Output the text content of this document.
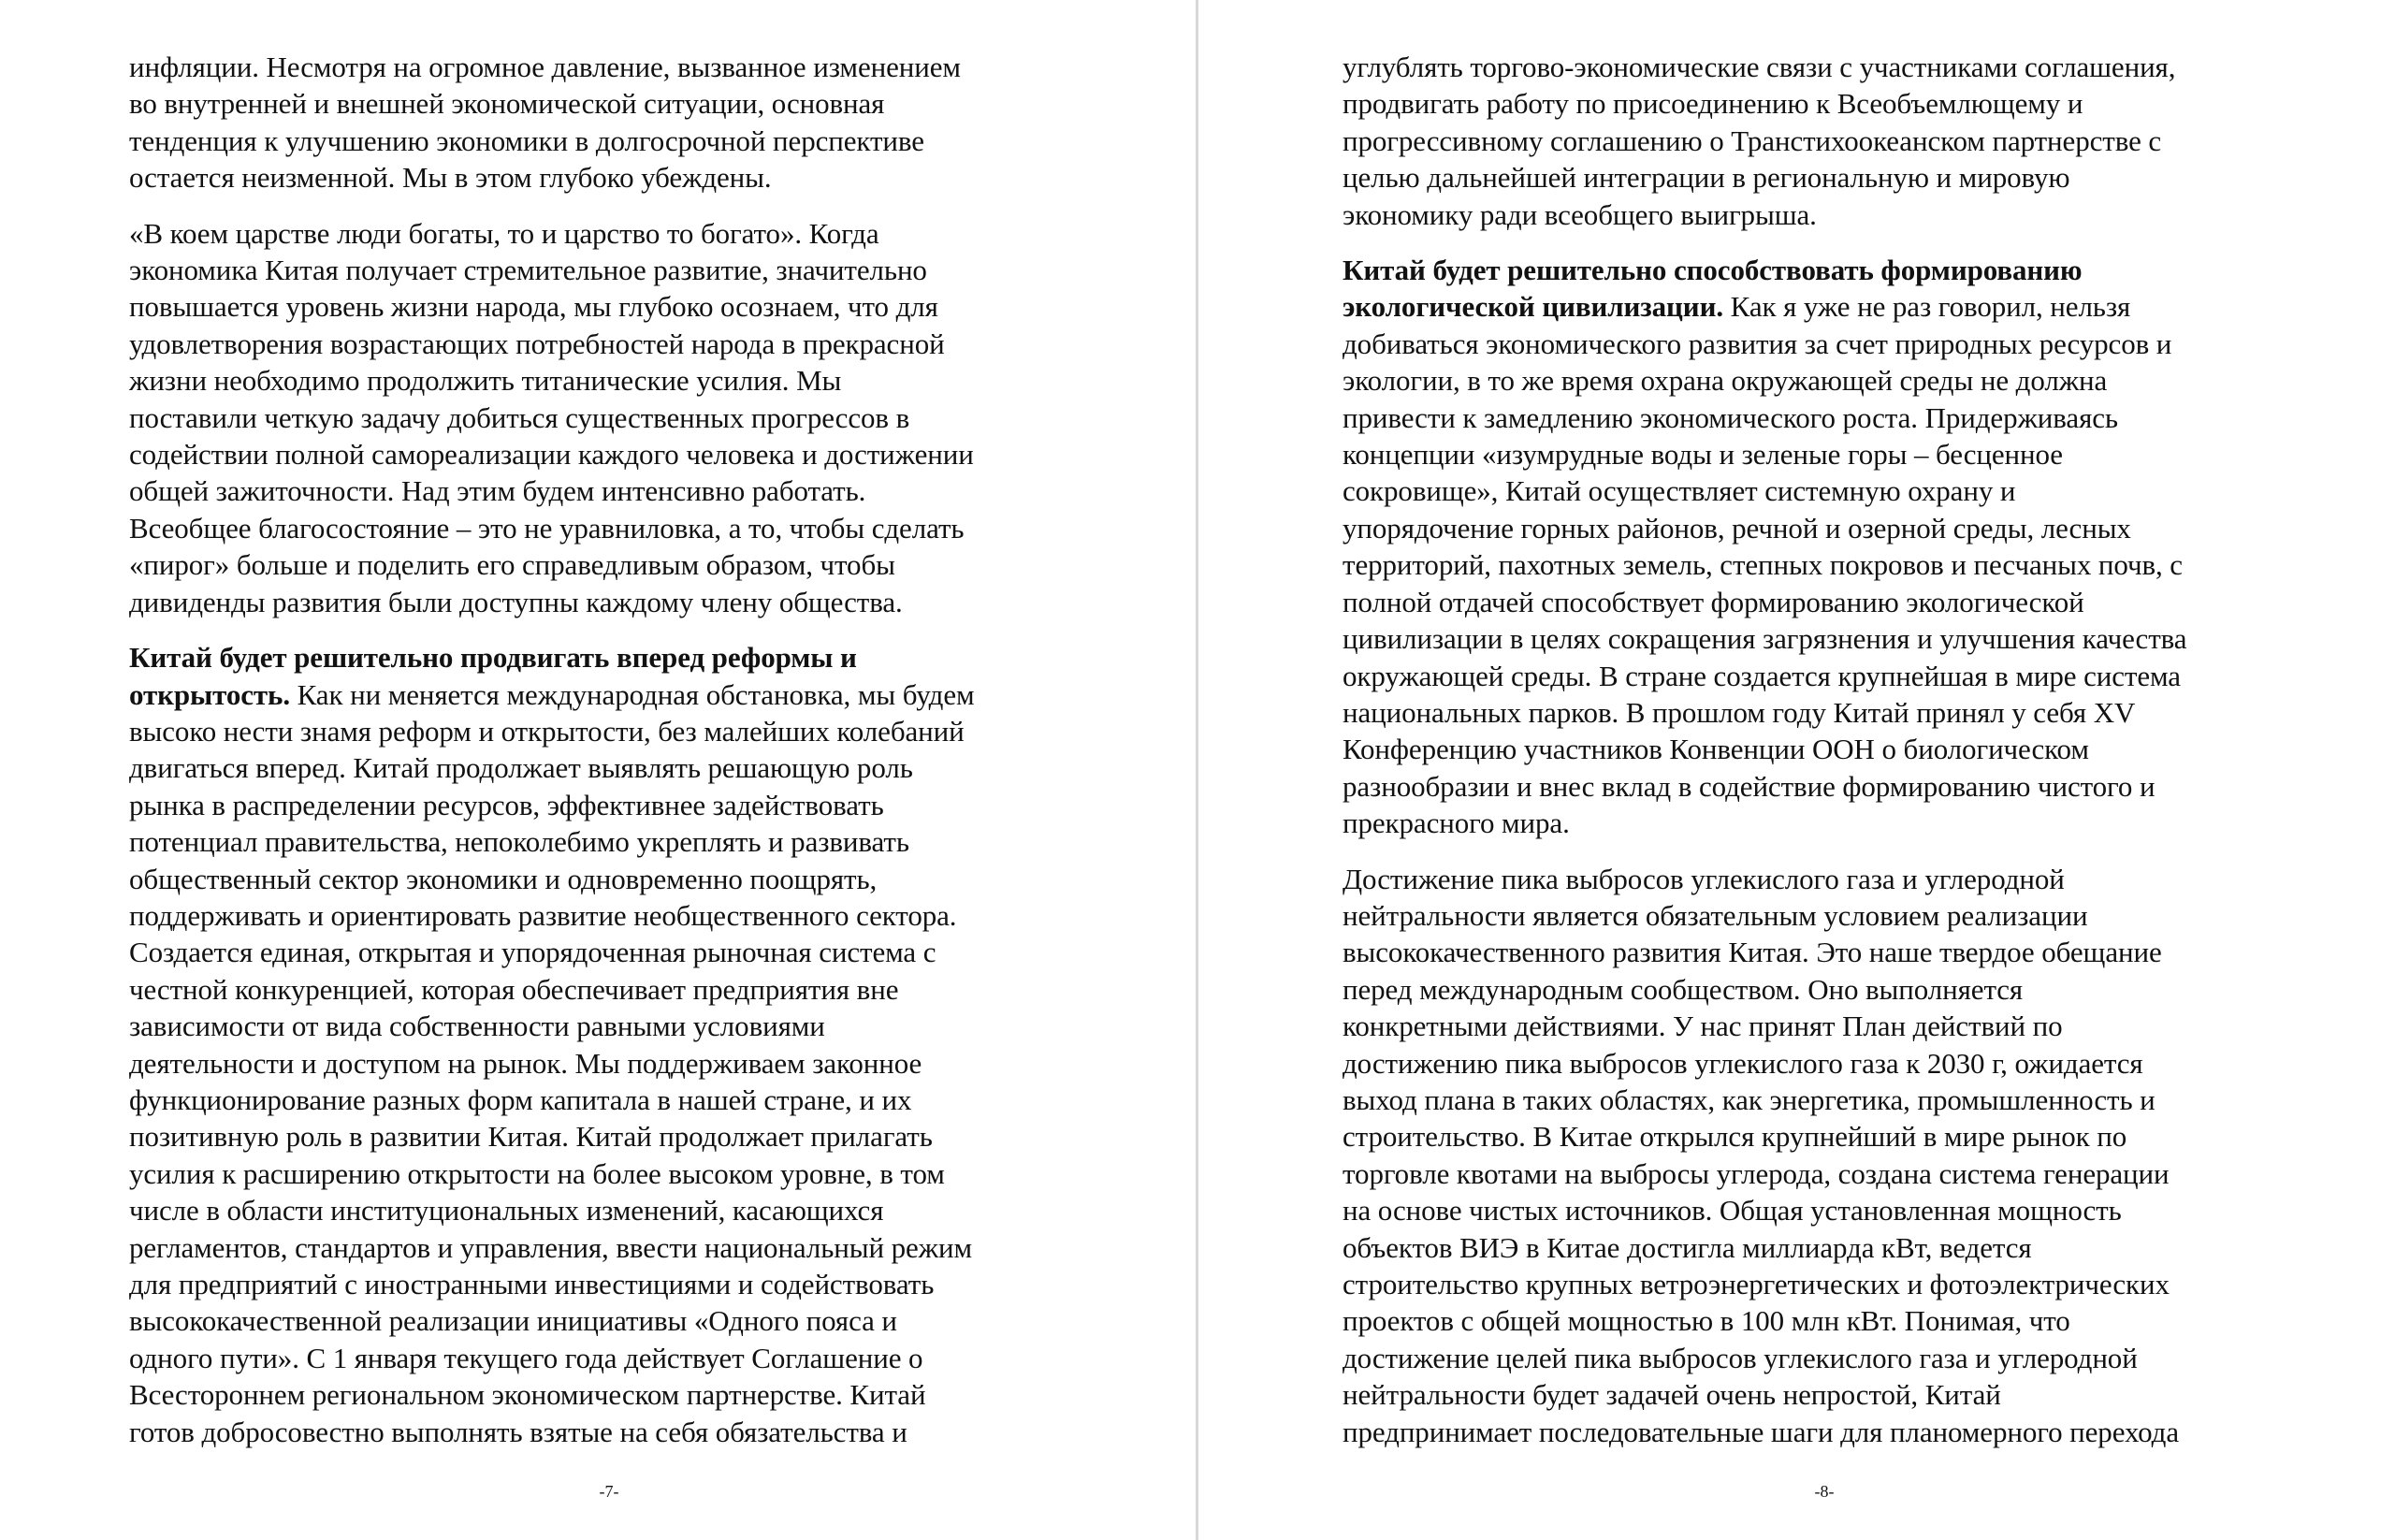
инфляции. Несмотря на огромное давление, вызванное изменением
во внутренней и внешней экономической ситуации, основная
тенденция к улучшению экономики в долгосрочной перспективе
остается неизменной. Мы в этом глубоко убеждены.
«В коем царстве люди богаты, то и царство то богато». Когда
экономика Китая получает стремительное развитие, значительно
повышается уровень жизни народа, мы глубоко осознаем, что для
удовлетворения возрастающих потребностей народа в прекрасной
жизни необходимо продолжить титанические усилия. Мы
поставили четкую задачу добиться существенных прогрессов в
содействии полной самореализации каждого человека и достижении
общей зажиточности. Над этим будем интенсивно работать.
Всеобщее благосостояние – это не уравниловка, а то, чтобы сделать
«пирог» больше и поделить его справедливым образом, чтобы
дивиденды развития были доступны каждому члену общества.
Китай будет решительно продвигать вперед реформы и
открытость. Как ни меняется международная обстановка, мы будем
высоко нести знамя реформ и открытости, без малейших колебаний
двигаться вперед. Китай продолжает выявлять решающую роль
рынка в распределении ресурсов, эффективнее задействовать
потенциал правительства, непоколебимо укреплять и развивать
общественный сектор экономики и одновременно поощрять,
поддерживать и ориентировать развитие необщественного сектора.
Создается единая, открытая и упорядоченная рыночная система с
честной конкуренцией, которая обеспечивает предприятия вне
зависимости от вида собственности равными условиями
деятельности и доступом на рынок. Мы поддерживаем законное
функционирование разных форм капитала в нашей стране, и их
позитивную роль в развитии Китая. Китай продолжает прилагать
усилия к расширению открытости на более высоком уровне, в том
числе в области институциональных изменений, касающихся
регламентов, стандартов и управления, ввести национальный режим
для предприятий с иностранными инвестициями и содействовать
высококачественной реализации инициативы «Одного пояса и
одного пути». С 1 января текущего года действует Соглашение о
Всестороннем региональном экономическом партнерстве. Китай
готов добросовестно выполнять взятые на себя обязательства и
-7-
углублять торгово-экономические связи с участниками соглашения,
продвигать работу по присоединению к Всеобъемлющему и
прогрессивному соглашению о Транстихоокеанском партнерстве с
целью дальнейшей интеграции в региональную и мировую
экономику ради всеобщего выигрыша.
Китай будет решительно способствовать формированию
экологической цивилизации. Как я уже не раз говорил, нельзя
добиваться экономического развития за счет природных ресурсов и
экологии, в то же время охрана окружающей среды не должна
привести к замедлению экономического роста. Придерживаясь
концепции «изумрудные воды и зеленые горы – бесценное
сокровище», Китай осуществляет системную охрану и
упорядочение горных районов, речной и озерной среды, лесных
территорий, пахотных земель, степных покровов и песчаных почв, с
полной отдачей способствует формированию экологической
цивилизации в целях сокращения загрязнения и улучшения качества
окружающей среды. В стране создается крупнейшая в мире система
национальных парков. В прошлом году Китай принял у себя XV
Конференцию участников Конвенции ООН о биологическом
разнообразии и внес вклад в содействие формированию чистого и
прекрасного мира.
Достижение пика выбросов углекислого газа и углеродной
нейтральности является обязательным условием реализации
высококачественного развития Китая. Это наше твердое обещание
перед международным сообществом. Оно выполняется
конкретными действиями. У нас принят План действий по
достижению пика выбросов углекислого газа к 2030 г, ожидается
выход плана в таких областях, как энергетика, промышленность и
строительство. В Китае открылся крупнейший в мире рынок по
торговле квотами на выбросы углерода, создана система генерации
на основе чистых источников. Общая установленная мощность
объектов ВИЭ в Китае достигла миллиарда кВт, ведется
строительство крупных ветроэнергетических и фотоэлектрических
проектов с общей мощностью в 100 млн кВт. Понимая, что
достижение целей пика выбросов углекислого газа и углеродной
нейтральности будет задачей очень непростой, Китай
предпринимает последовательные шаги для планомерного перехода
-8-
